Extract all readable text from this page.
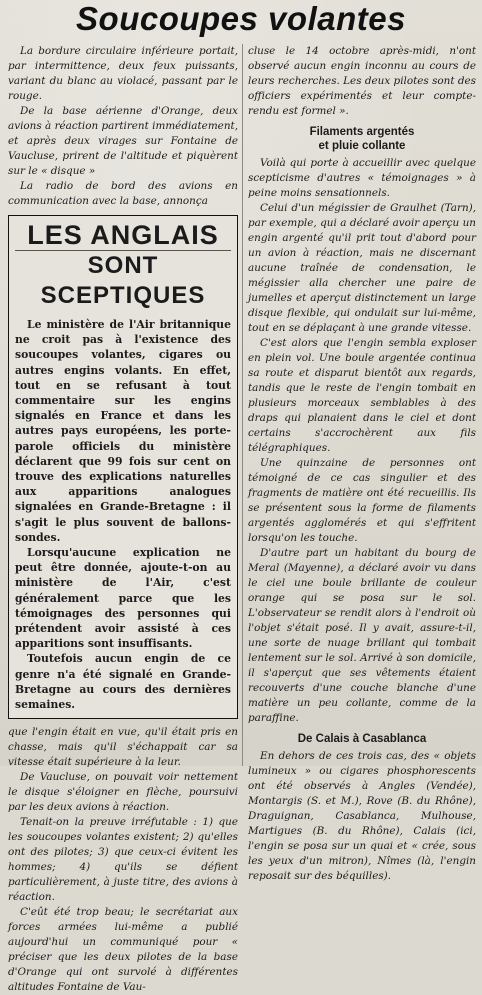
Soucoupes volantes

La bordure circulaire inférieure portait, par intermittence, deux feux puissants, variant du blanc au violacé, passant par le rouge.

De la base aérienne d'Orange, deux avions à réaction partirent immédiatement, et après deux virages sur Fontaine de Vaucluse, prirent de l'altitude et piquèrent sur le « disque »

La radio de bord des avions en communication avec la base, annonça

LES ANGLAIS
SONT SCEPTIQUES

Le ministère de l'Air britannique ne croit pas à l'existence des soucoupes volantes, cigares ou autres engins volants. En effet, tout en se refusant à tout commentaire sur les engins signalés en France et dans les autres pays européens, les porte-parole officiels du ministère déclarent que 99 fois sur cent on trouve des explications naturelles aux apparitions analogues signalées en Grande-Bretagne : il s'agit le plus souvent de ballons-sondes.

Lorsqu'aucune explication ne peut être donnée, ajoute-t-on au ministère de l'Air, c'est généralement parce que les témoignages des personnes qui prétendent avoir assisté à ces apparitions sont insuffisants.

Toutefois aucun engin de ce genre n'a été signalé en Grande-Bretagne au cours des dernières semaines.

que l'engin était en vue, qu'il était pris en chasse, mais qu'il s'échappait car sa vitesse était supérieure à la leur.

De Vaucluse, on pouvait voir nettement le disque s'éloigner en flèche, poursuivi par les deux avions à réaction.

Tenait-on la preuve irréfutable : 1) que les soucoupes volantes existent; 2) qu'elles ont des pilotes; 3) que ceux-ci évitent les hommes; 4) qu'ils se défient particulièrement, à juste titre, des avions à réaction.

C'eût été trop beau; le secrétariat aux forces armées lui-même a publié aujourd'hui un communiqué pour « préciser que les deux pilotes de la base d'Orange qui ont survolé à différentes altitudes Fontaine de Vau-

cluse le 14 octobre après-midi, n'ont observé aucun engin inconnu au cours de leurs recherches. Les deux pilotes sont des officiers expérimentés et leur compte-rendu est formel ».

Filaments argentés
et pluie collante

Voilà qui porte à accueillir avec quelque scepticisme d'autres « témoignages » à peine moins sensationnels.

Celui d'un mégissier de Graulhet (Tarn), par exemple, qui a déclaré avoir aperçu un engin argenté qu'il prit tout d'abord pour un avion à réaction, mais ne discernant aucune traînée de condensation, le mégissier alla chercher une paire de jumelles et aperçut distinctement un large disque flexible, qui ondulait sur lui-même, tout en se déplaçant à une grande vitesse.

C'est alors que l'engin sembla exploser en plein vol. Une boule argentée continua sa route et disparut bientôt aux regards, tandis que le reste de l'engin tombait en plusieurs morceaux semblables à des draps qui planaient dans le ciel et dont certains s'accrochèrent aux fils télégraphiques.

Une quinzaine de personnes ont témoigné de ce cas singulier et des fragments de matière ont été recueillis. Ils se présentent sous la forme de filaments argentés agglomérés et qui s'effritent lorsqu'on les touche.

D'autre part un habitant du bourg de Meral (Mayenne), a déclaré avoir vu dans le ciel une boule brillante de couleur orange qui se posa sur le sol. L'observateur se rendit alors à l'endroit où l'objet s'était posé. Il y avait, assure-t-il, une sorte de nuage brillant qui tombait lentement sur le sol. Arrivé à son domicile, il s'aperçut que ses vêtements étaient recouverts d'une couche blanche d'une matière un peu collante, comme de la paraffine.

De Calais à Casablanca

En dehors de ces trois cas, des « objets lumineux » ou cigares phosphorescents ont été observés à Angles (Vendée), Montargis (S. et M.), Rove (B. du Rhône), Draguignan, Casablanca, Mulhouse, Martigues (B. du Rhône), Calais (ici, l'engin se posa sur un quai et « crée, sous les yeux d'un mitron), Nîmes (là, l'engin reposait sur des béquilles).
